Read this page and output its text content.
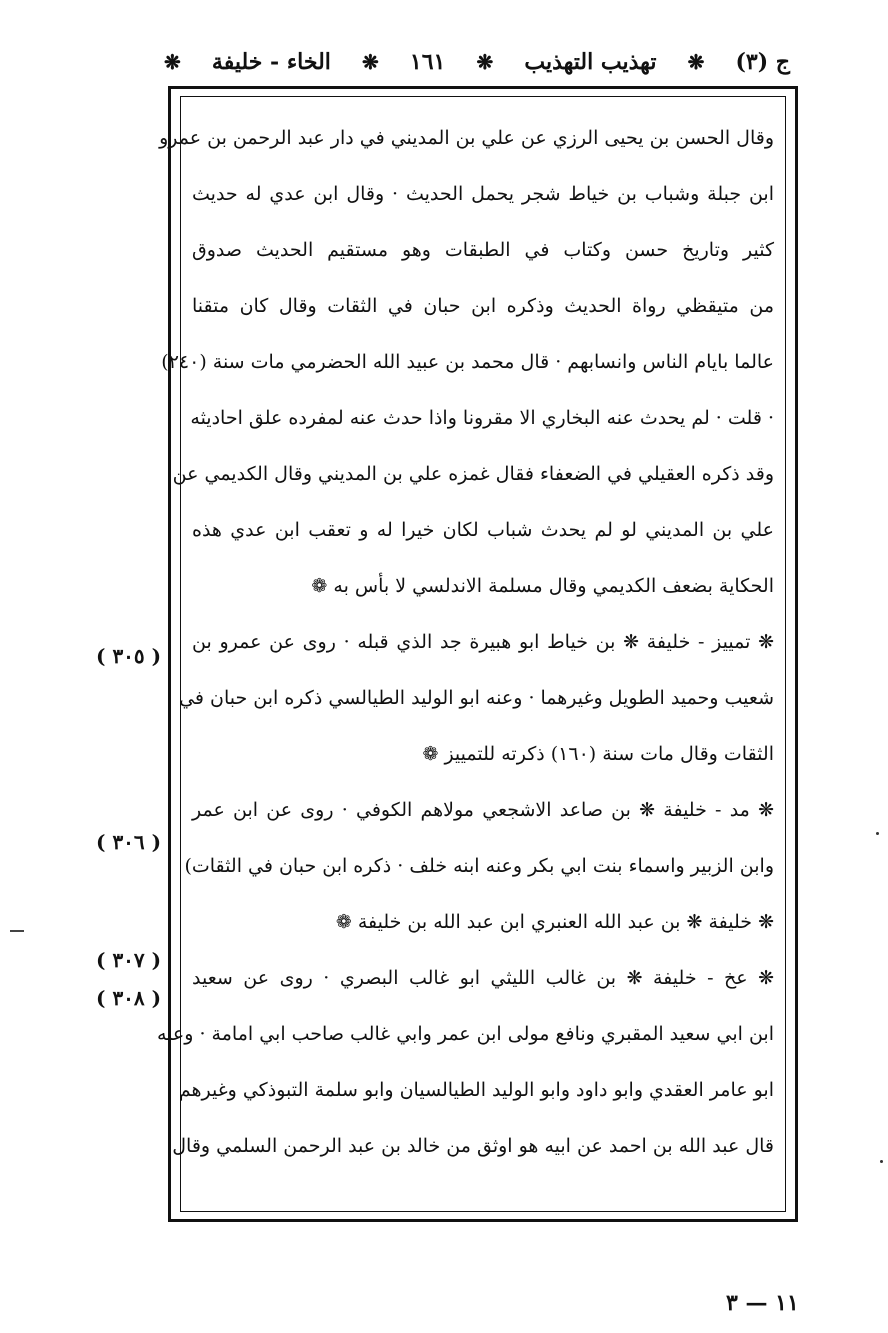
ج (٣)
❋
تهذيب التهذيب
❋
١٦١
❋
الخاء - خليفة
❋
وقال الحسن بن يحيى الرزي عن علي بن المديني في دار عبد الرحمن بن عمرو
ابن جبلة وشباب بن خياط شجر يحمل الحديث · وقال ابن عدي له حديث
كثير وتاريخ حسن وكتاب في الطبقات وهو مستقيم الحديث صدوق
من متيقظي رواة الحديث وذكره ابن حبان في الثقات وقال كان متقنا
عالما بايام الناس وانسابهم · قال محمد بن عبيد الله الحضرمي مات سنة (٢٤٠)
· قلت · لم يحدث عنه البخاري الا مقرونا واذا حدث عنه لمفرده علق احاديثه
وقد ذكره العقيلي في الضعفاء فقال غمزه علي بن المديني وقال الكديمي عن
علي بن المديني لو لم يحدث شباب لكان خيرا له و تعقب ابن عدي هذه
الحكاية بضعف الكديمي وقال مسلمة الاندلسي لا بأس به ❁
❋ تمييز - خليفة ❋ بن خياط ابو هبيرة جد الذي قبله · روى عن عمرو بن
شعيب وحميد الطويل وغيرهما · وعنه ابو الوليد الطيالسي ذكره ابن حبان في
الثقات وقال مات سنة (١٦٠) ذكرته للتمييز ❁
❋ مد - خليفة ❋ بن صاعد الاشجعي مولاهم الكوفي · روى عن ابن عمر
وابن الزبير واسماء بنت ابي بكر وعنه ابنه خلف · ذكره ابن حبان في الثقات)
❋ خليفة ❋ بن عبد الله العنبري ابن عبد الله بن خليفة ❁
❋ عخ - خليفة ❋ بن غالب الليثي ابو غالب البصري · روى عن سعيد
ابن ابي سعيد المقبري ونافع مولى ابن عمر وابي غالب صاحب ابي امامة · وعنه
ابو عامر العقدي وابو داود وابو الوليد الطيالسيان وابو سلمة التبوذكي وغيرهم
قال عبد الله بن احمد عن ابيه هو اوثق من خالد بن عبد الرحمن السلمي وقال
( ٣٠٥ )
( ٣٠٦ )
( ٣٠٧ )
( ٣٠٨ )
١١ — ٣
